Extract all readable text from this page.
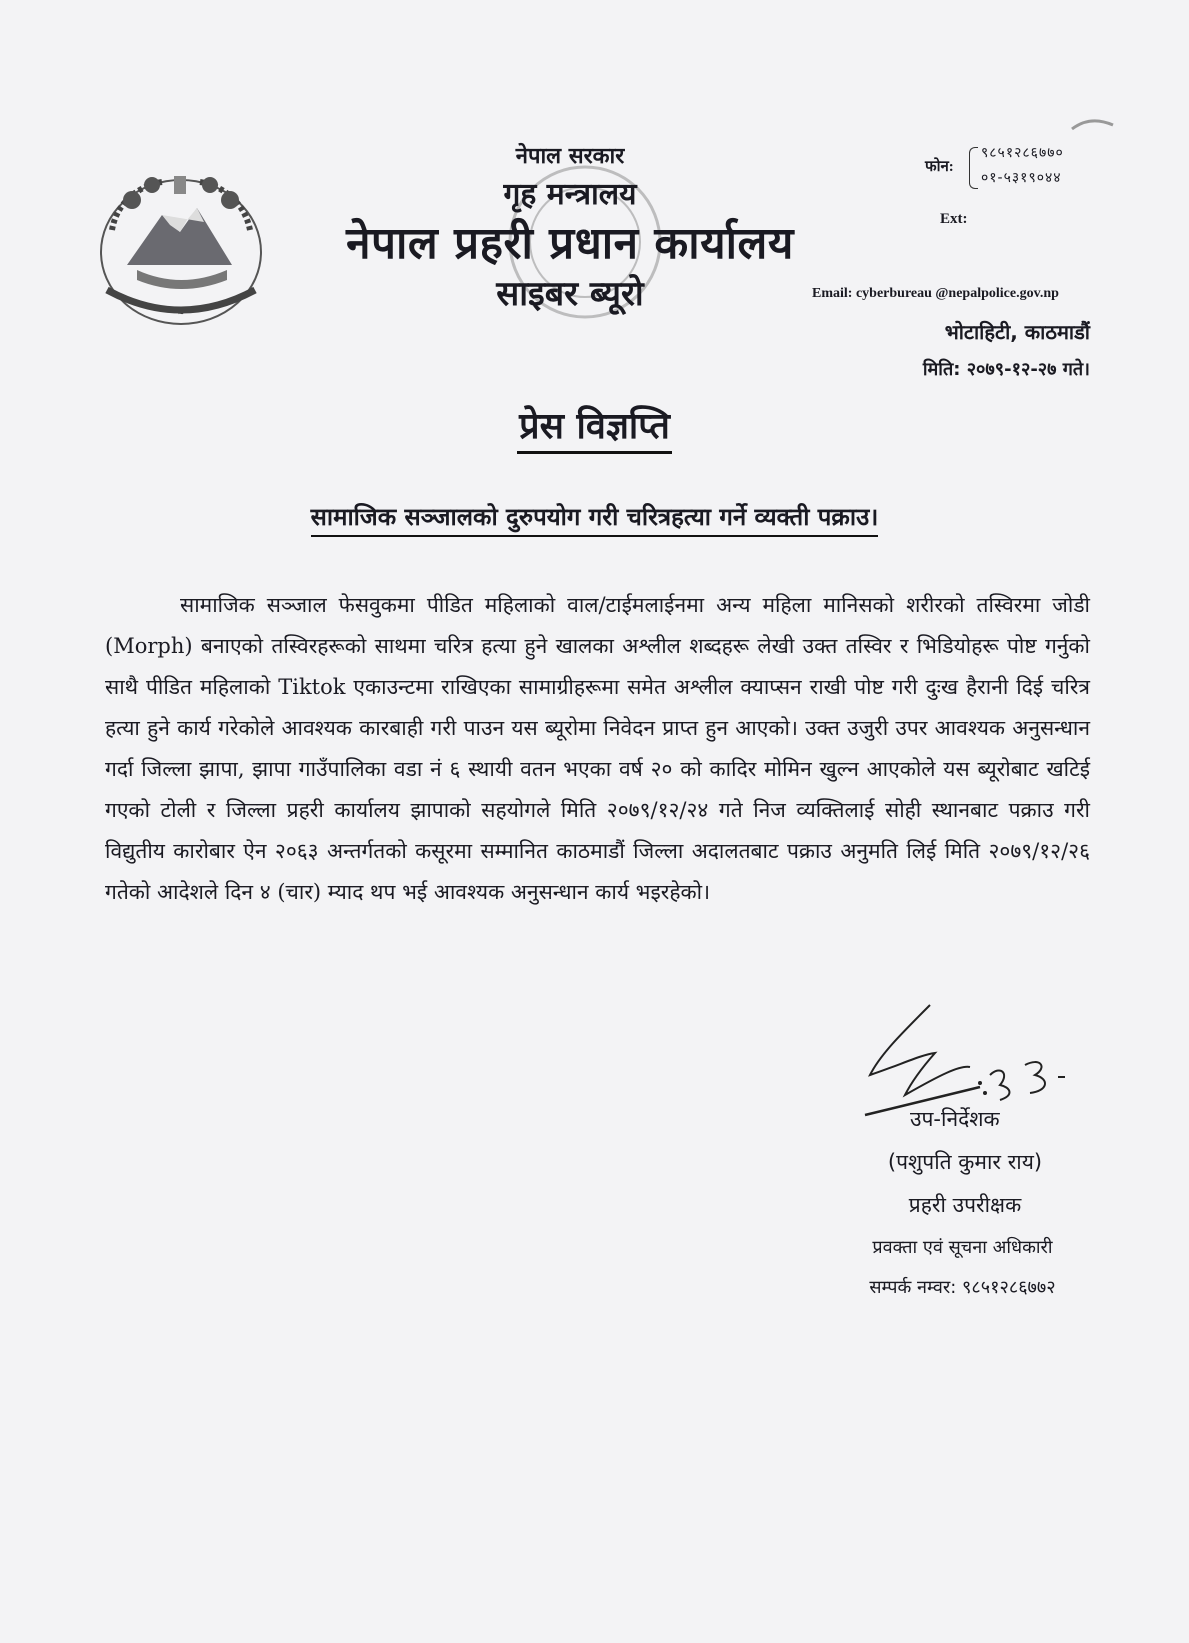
~
नेपाल सरकार
गृह मन्त्रालय
नेपाल प्रहरी प्रधान कार्यालय
साइबर ब्यूरो
फोन:
९८५१२८६७७०
०१-५३१९०४४
Ext:
Email: cyberbureau @nepalpolice.gov.np
भोटाहिटी, काठमाडौं
मिति: २०७९-१२-२७ गते।
प्रेस विज्ञप्ति
सामाजिक सञ्जालको दुरुपयोग गरी चरित्रहत्या गर्ने व्यक्ती पक्राउ।
सामाजिक सञ्जाल फेसवुकमा पीडित महिलाको वाल/टाईमलाईनमा अन्य महिला मानिसको शरीरको तस्विरमा जोडी (Morph) बनाएको तस्विरहरूको साथमा चरित्र हत्या हुने खालका अश्लील शब्दहरू लेखी उक्त तस्विर र भिडियोहरू पोष्ट गर्नुको साथै पीडित महिलाको Tiktok एकाउन्टमा राखिएका सामाग्रीहरूमा समेत अश्लील क्याप्सन राखी पोष्ट गरी दुःख हैरानी दिई चरित्र हत्या हुने कार्य गरेकोले आवश्यक कारबाही गरी पाउन यस ब्यूरोमा निवेदन प्राप्त हुन आएको। उक्त उजुरी उपर आवश्यक अनुसन्धान गर्दा जिल्ला झापा, झापा गाउँपालिका वडा नं ६ स्थायी वतन भएका वर्ष २० को कादिर मोमिन खुल्न आएकोले यस ब्यूरोबाट खटिई गएको टोली र जिल्ला प्रहरी कार्यालय झापाको सहयोगले मिति २०७९/१२/२४ गते निज व्यक्तिलाई सोही स्थानबाट पक्राउ गरी विद्युतीय कारोबार ऐन २०६३ अन्तर्गतको कसूरमा सम्मानित काठमाडौं जिल्ला अदालतबाट पक्राउ अनुमति लिई मिति २०७९/१२/२६ गतेको आदेशले दिन ४ (चार) म्याद थप भई आवश्यक अनुसन्धान कार्य भइरहेको।
उप-निर्देशक
(पशुपति कुमार राय)
प्रहरी उपरीक्षक
प्रवक्ता एवं सूचना अधिकारी
सम्पर्क नम्वर: ९८५१२८६७७२
